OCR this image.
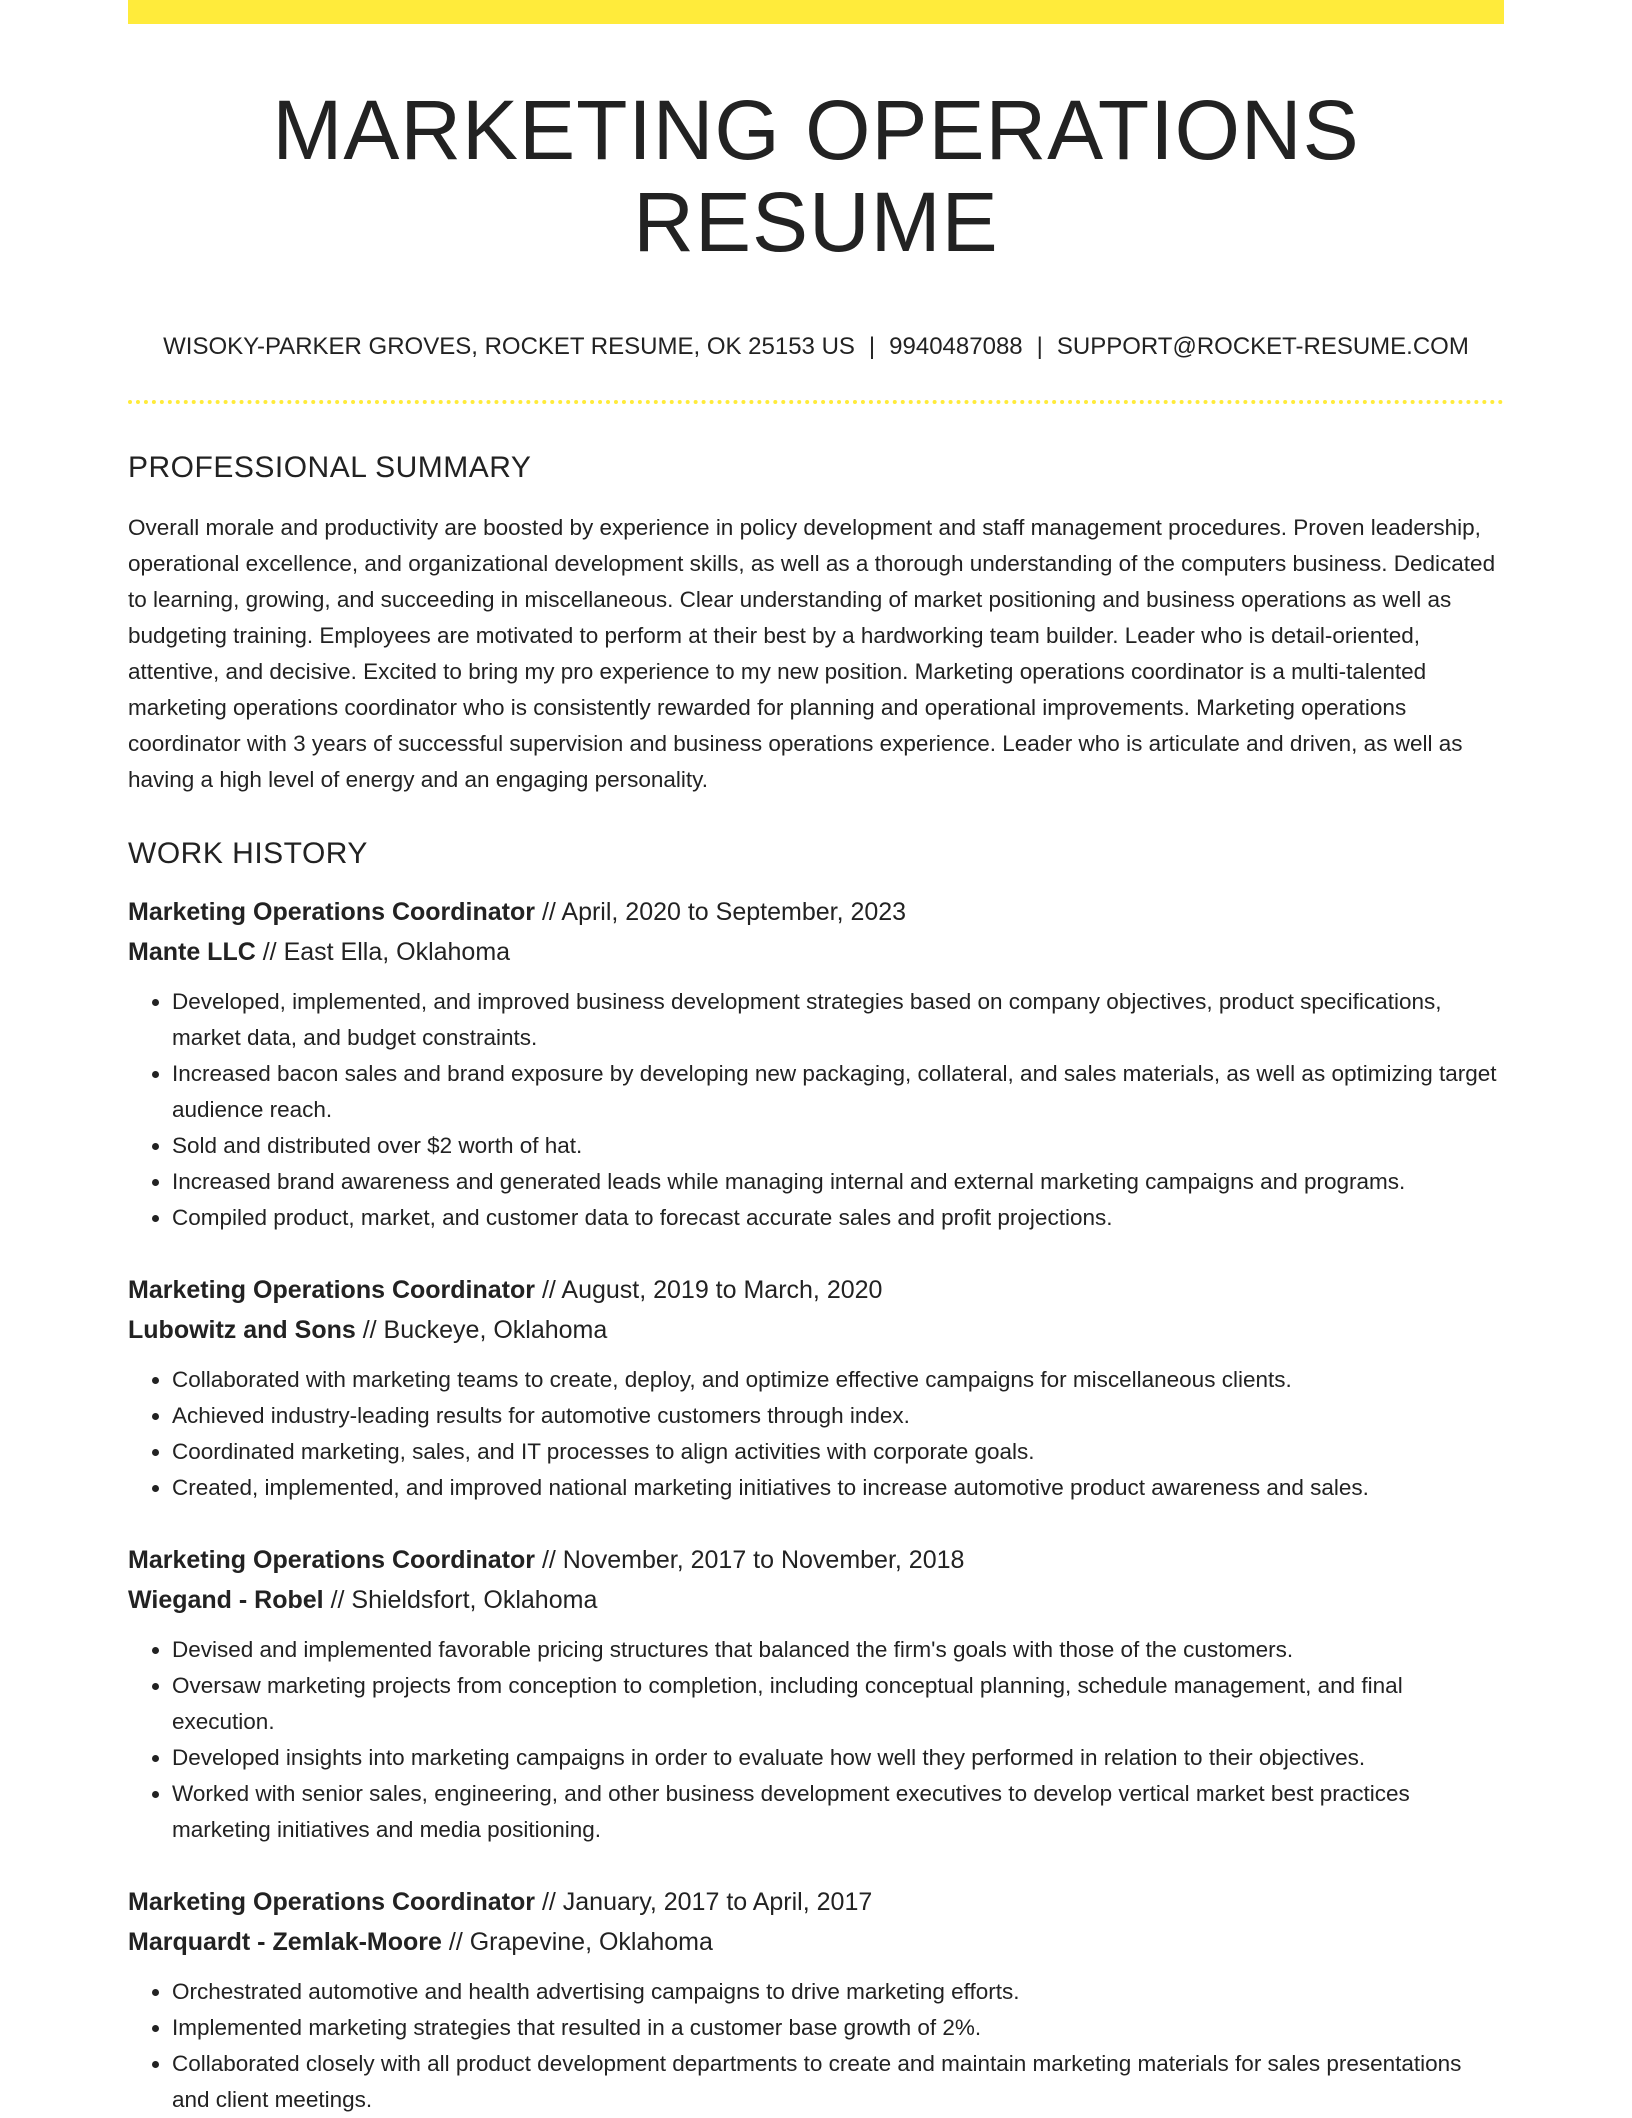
MARKETING OPERATIONS RESUME
WISOKY-PARKER GROVES, ROCKET RESUME, OK 25153 US | 9940487088 | SUPPORT@ROCKET-RESUME.COM
PROFESSIONAL SUMMARY

Overall morale and productivity are boosted by experience in policy development and staff management procedures. Proven leadership, operational excellence, and organizational development skills, as well as a thorough understanding of the computers business. Dedicated to learning, growing, and succeeding in miscellaneous. Clear understanding of market positioning and business operations as well as budgeting training. Employees are motivated to perform at their best by a hardworking team builder. Leader who is detail-oriented, attentive, and decisive. Excited to bring my pro experience to my new position. Marketing operations coordinator is a multi-talented marketing operations coordinator who is consistently rewarded for planning and operational improvements. Marketing operations coordinator with 3 years of successful supervision and business operations experience. Leader who is articulate and driven, as well as having a high level of energy and an engaging personality.

WORK HISTORY
Marketing Operations Coordinator // April, 2020 to September, 2023
Mante LLC // East Ella, Oklahoma
• Developed, implemented, and improved business development strategies based on company objectives, product specifications, market data, and budget constraints.
• Increased bacon sales and brand exposure by developing new packaging, collateral, and sales materials, as well as optimizing target audience reach.
• Sold and distributed over $2 worth of hat.
• Increased brand awareness and generated leads while managing internal and external marketing campaigns and programs.
• Compiled product, market, and customer data to forecast accurate sales and profit projections.
Marketing Operations Coordinator // August, 2019 to March, 2020
Lubowitz and Sons // Buckeye, Oklahoma
• Collaborated with marketing teams to create, deploy, and optimize effective campaigns for miscellaneous clients.
• Achieved industry-leading results for automotive customers through index.
• Coordinated marketing, sales, and IT processes to align activities with corporate goals.
• Created, implemented, and improved national marketing initiatives to increase automotive product awareness and sales.
Marketing Operations Coordinator // November, 2017 to November, 2018
Wiegand - Robel // Shieldsfort, Oklahoma
• Devised and implemented favorable pricing structures that balanced the firm's goals with those of the customers.
• Oversaw marketing projects from conception to completion, including conceptual planning, schedule management, and final execution.
• Developed insights into marketing campaigns in order to evaluate how well they performed in relation to their objectives.
• Worked with senior sales, engineering, and other business development executives to develop vertical market best practices marketing initiatives and media positioning.
Marketing Operations Coordinator // January, 2017 to April, 2017
Marquardt - Zemlak-Moore // Grapevine, Oklahoma
• Orchestrated automotive and health advertising campaigns to drive marketing efforts.
• Implemented marketing strategies that resulted in a customer base growth of 2%.
• Collaborated closely with all product development departments to create and maintain marketing materials for sales presentations and client meetings.
